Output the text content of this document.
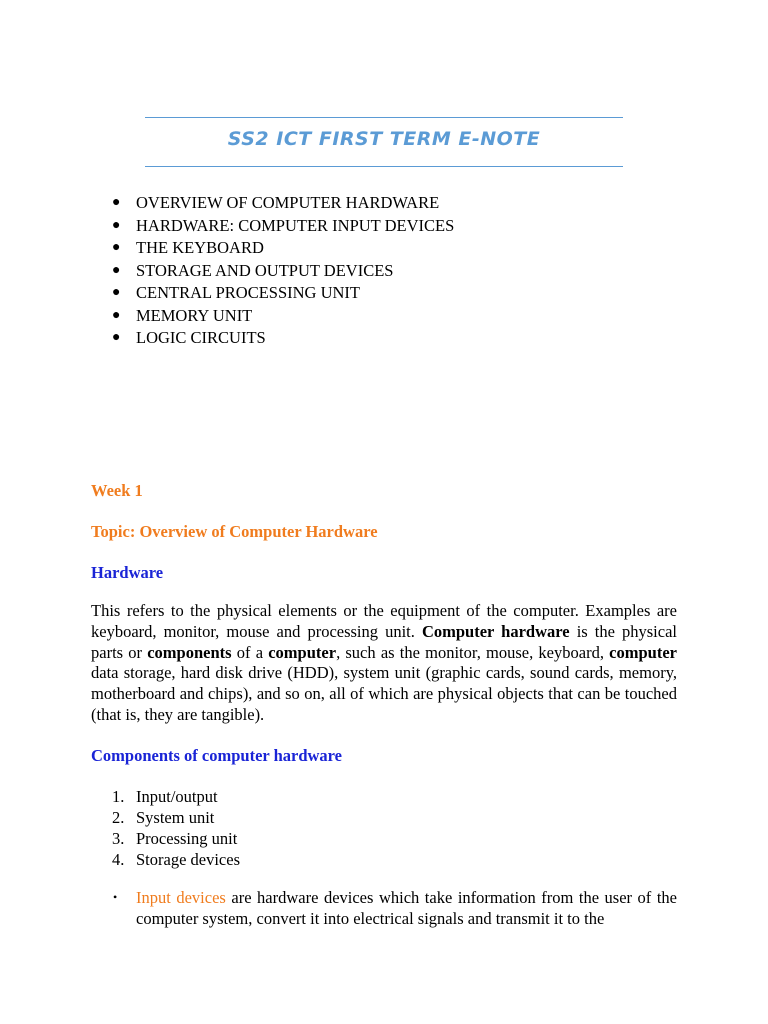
SS2 ICT FIRST TERM E-NOTE
● OVERVIEW OF COMPUTER HARDWARE
● HARDWARE: COMPUTER INPUT DEVICES
● THE KEYBOARD
● STORAGE AND OUTPUT DEVICES
● CENTRAL PROCESSING UNIT
● MEMORY UNIT
● LOGIC CIRCUITS
Week 1
Topic: Overview of Computer Hardware
Hardware
This refers to the physical elements or the equipment of the computer. Examples are keyboard, monitor, mouse and processing unit. Computer hardware is the physical parts or components of a computer, such as the monitor, mouse, keyboard, computer data storage, hard disk drive (HDD), system unit (graphic cards, sound cards, memory, motherboard and chips), and so on, all of which are physical objects that can be touched (that is, they are tangible).
Components of computer hardware
1. Input/output
2. System unit
3. Processing unit
4. Storage devices
• Input devices are hardware devices which take information from the user of the computer system, convert it into electrical signals and transmit it to the
